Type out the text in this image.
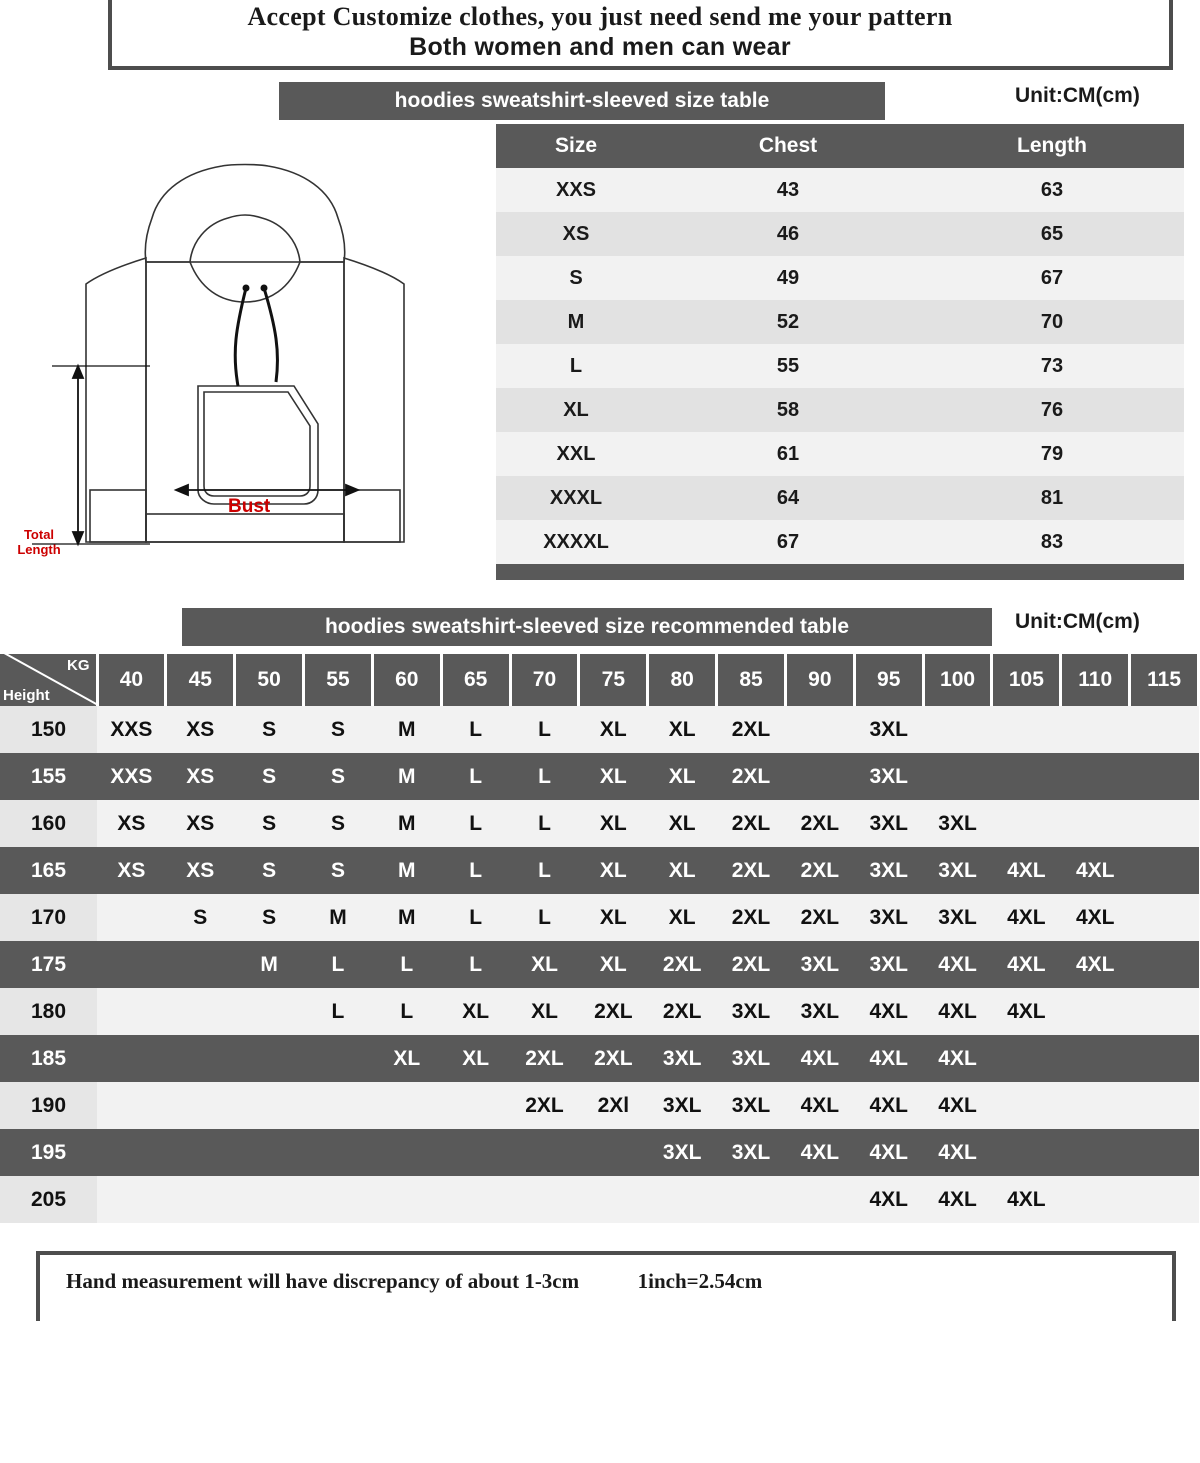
Accept Customize clothes, you just need send me your pattern
Both women and men can wear
hoodies sweatshirt-sleeved size table	Unit:CM(cm)
Bust
Total
Length
Size	Chest	Length
XXS	43	63
XS	46	65
S	49	67
M	52	70
L	55	73
XL	58	76
XXL	61	79
XXXL	64	81
XXXXL	67	83

hoodies sweatshirt-sleeved size recommended table	Unit:CM(cm)
KG
Height	40	45	50	55	60	65	70	75	80	85	90	95	100	105	110	115
150	XXS	XS	S	S	M	L	L	XL	XL	2XL		3XL				
155	XXS	XS	S	S	M	L	L	XL	XL	2XL		3XL				
160	XS	XS	S	S	M	L	L	XL	XL	2XL	2XL	3XL	3XL			
165	XS	XS	S	S	M	L	L	XL	XL	2XL	2XL	3XL	3XL	4XL	4XL	
170		S	S	M	M	L	L	XL	XL	2XL	2XL	3XL	3XL	4XL	4XL	
175			M	L	L	L	XL	XL	2XL	2XL	3XL	3XL	4XL	4XL	4XL	
180				L	L	XL	XL	2XL	2XL	3XL	3XL	4XL	4XL	4XL		
185					XL	XL	2XL	2XL	3XL	3XL	4XL	4XL	4XL			
190							2XL	2Xl	3XL	3XL	4XL	4XL	4XL			
195									3XL	3XL	4XL	4XL	4XL			
205												4XL	4XL	4XL		
Hand measurement will have discrepancy of about 1-3cm	1inch=2.54cm
